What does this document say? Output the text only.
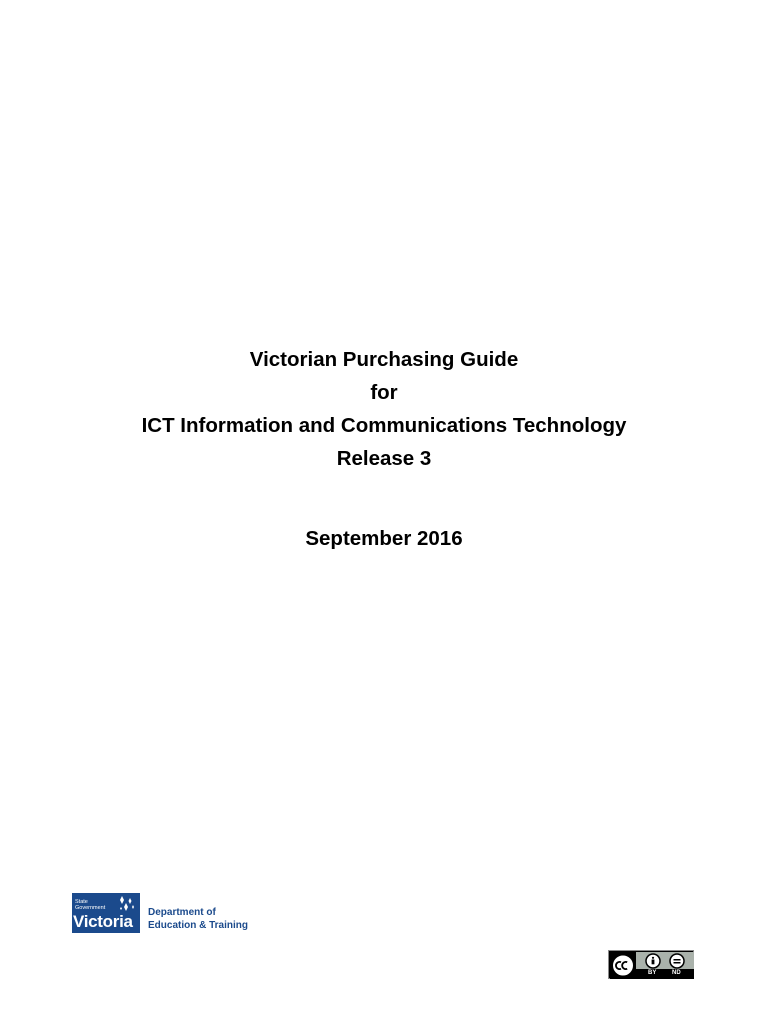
Victorian Purchasing Guide

for

ICT Information and Communications Technology

Release 3

September 2016

State
Government
Victoria Department of
Education & Training
BY	ND
